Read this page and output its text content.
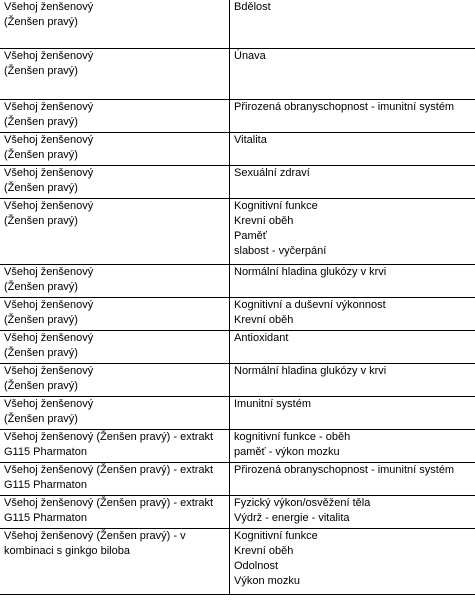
Všehoj ženšenový
(Ženšen pravý)	Bdělost

Všehoj ženšenový
(Ženšen pravý)	Únava

Všehoj ženšenový
(Ženšen pravý)	Přirozená obranyschopnost - imunitní systém

Všehoj ženšenový
(Ženšen pravý)	Vitalita

Všehoj ženšenový
(Ženšen pravý)	Sexuální zdraví

Všehoj ženšenový
(Ženšen pravý)	Kognitivní funkce
Krevní oběh
Paměť
slabost - vyčerpání

Všehoj ženšenový
(Ženšen pravý)	Normální hladina glukózy v krvi

Všehoj ženšenový
(Ženšen pravý)	Kognitivní a duševní výkonnost
Krevní oběh

Všehoj ženšenový
(Ženšen pravý)	Antioxidant

Všehoj ženšenový
(Ženšen pravý)	Normální hladina glukózy v krvi

Všehoj ženšenový
(Ženšen pravý)	Imunitní systém

Všehoj ženšenový (Ženšen pravý) - extrakt
G115 Pharmaton	kognitivní funkce - oběh
paměť - výkon mozku

Všehoj ženšenový (Ženšen pravý) - extrakt
G115 Pharmaton	Přirozená obranyschopnost - imunitní systém

Všehoj ženšenový (Ženšen pravý) - extrakt
G115 Pharmaton	Fyzický výkon/osvěžení těla
Výdrž - energie - vitalita

Všehoj ženšenový (Ženšen pravý) - v
kombinaci s ginkgo biloba	Kognitivní funkce
Krevní oběh
Odolnost
Výkon mozku
